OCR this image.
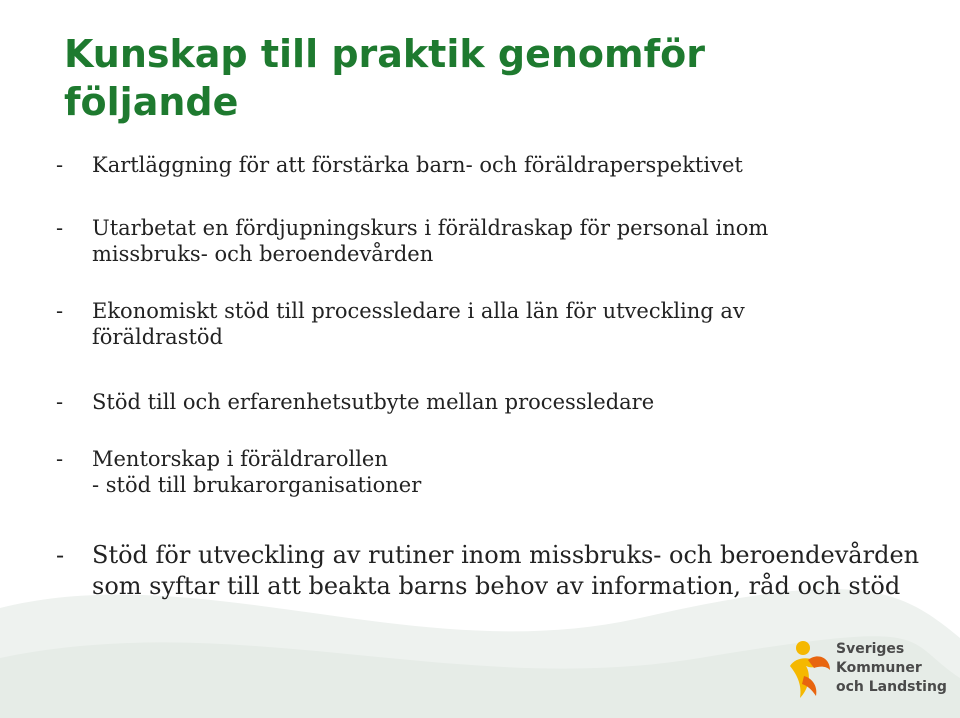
Kunskap till praktik genomför
följande
- Kartläggning för att förstärka barn- och föräldraperspektivet
- Utarbetat en fördjupningskurs i föräldraskap för personal inom
missbruks- och beroendevården
- Ekonomiskt stöd till processledare i alla län för utveckling av
föräldrastöd
- Stöd till och erfarenhetsutbyte mellan processledare
- Mentorskap i föräldrarollen
- stöd till brukarorganisationer
- Stöd för utveckling av rutiner inom missbruks- och beroendevården
som syftar till att beakta barns behov av information, råd och stöd
Sveriges
Kommuner
och Landsting
